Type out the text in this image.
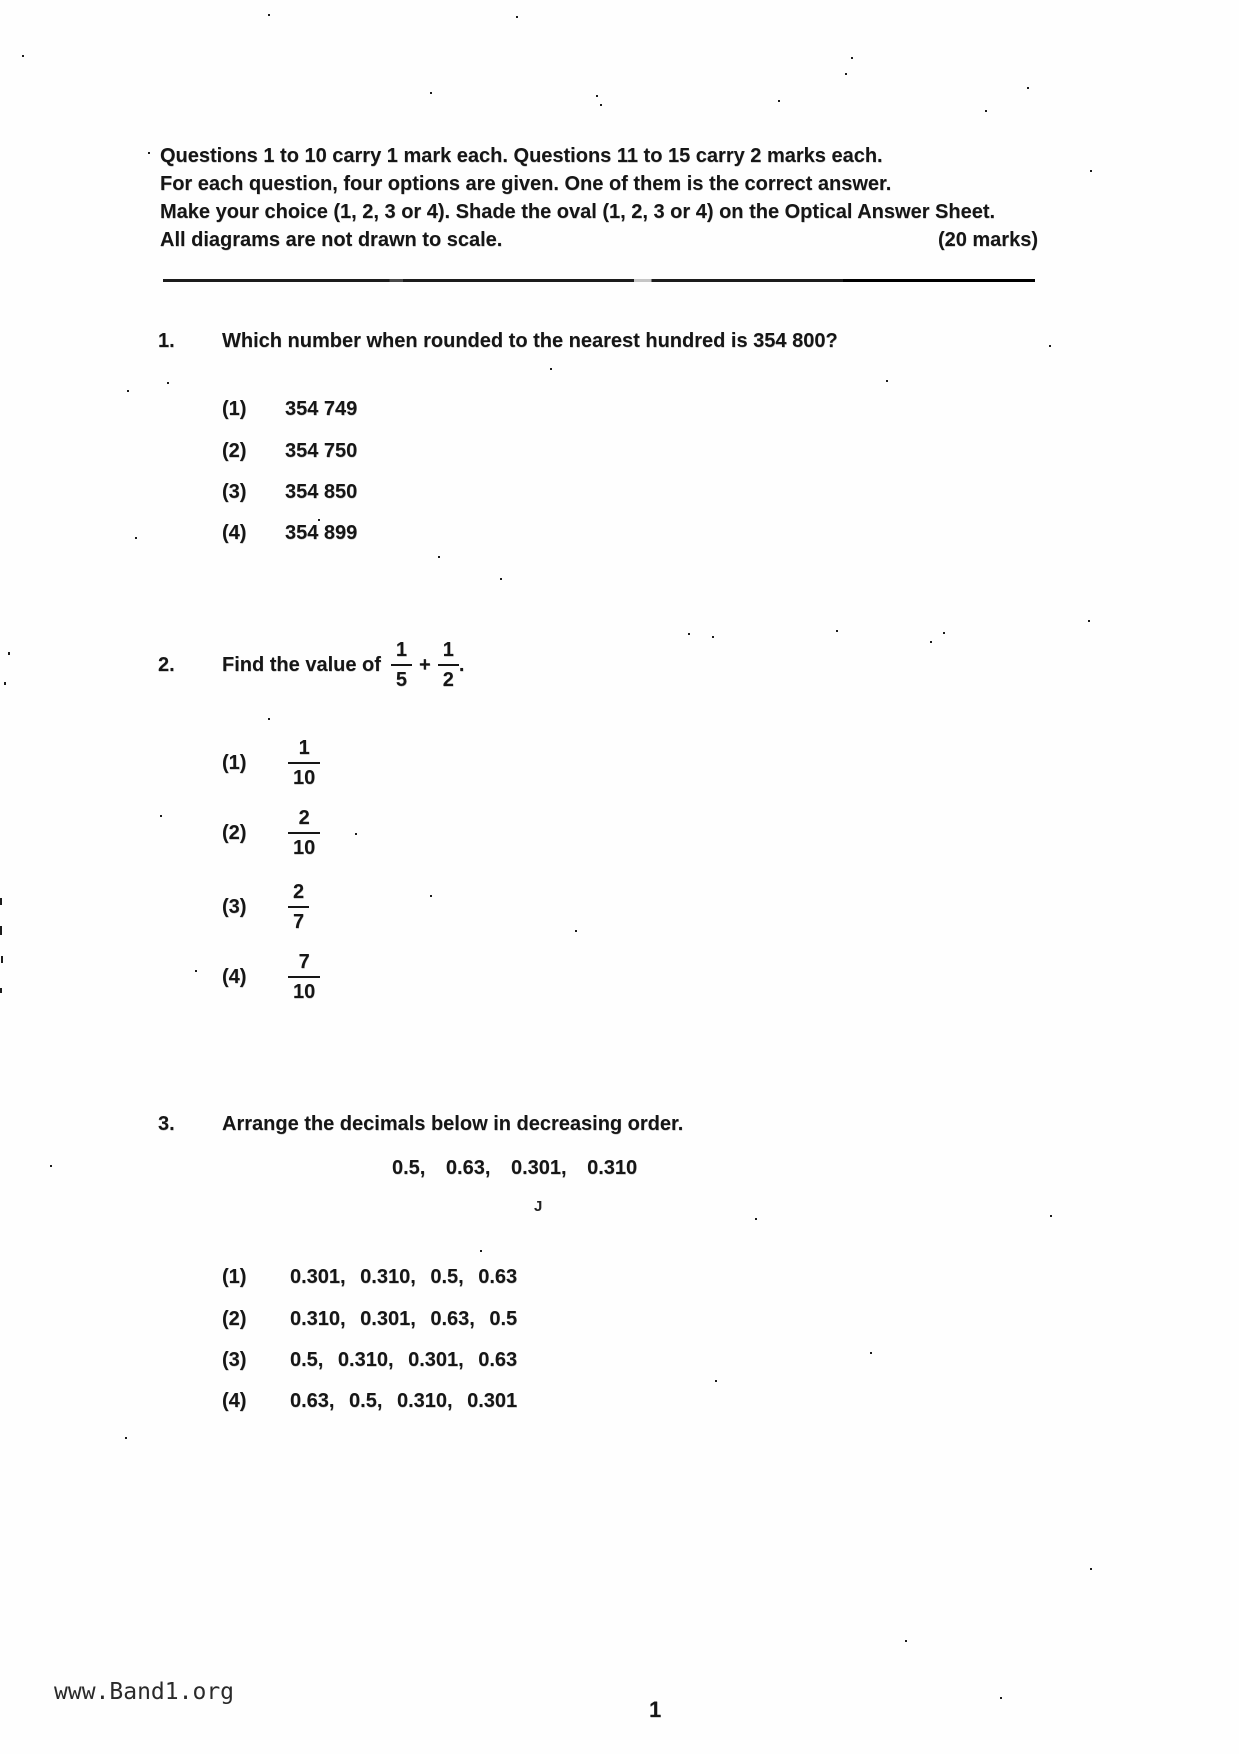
Questions 1 to 10 carry 1 mark each. Questions 11 to 15 carry 2 marks each.
For each question, four options are given. One of them is the correct answer.
Make your choice (1, 2, 3 or 4). Shade the oval (1, 2, 3 or 4) on the Optical Answer Sheet.
All diagrams are not drawn to scale.	(20 marks)
1. Which number when rounded to the nearest hundred is 354 800?
(1) 354 749
(2) 354 750
(3) 354 850
(4) 354 899
2.	Find the value of $\frac{1}{5} + \frac{1}{2}$ .
(1)	$\frac{1}{10}$
(2)	$\frac{2}{10}$
(3)	$\frac{2}{7}$
(4)	$\frac{7}{10}$
3. Arrange the decimals below in decreasing order.
0.5, 0.63, 0.301, 0.310
J
(1) 0.301, 0.310, 0.5, 0.63
(2) 0.310, 0.301, 0.63, 0.5
(3) 0.5, 0.310, 0.301, 0.63
(4) 0.63, 0.5, 0.310, 0.301
www.Band1.org
1
